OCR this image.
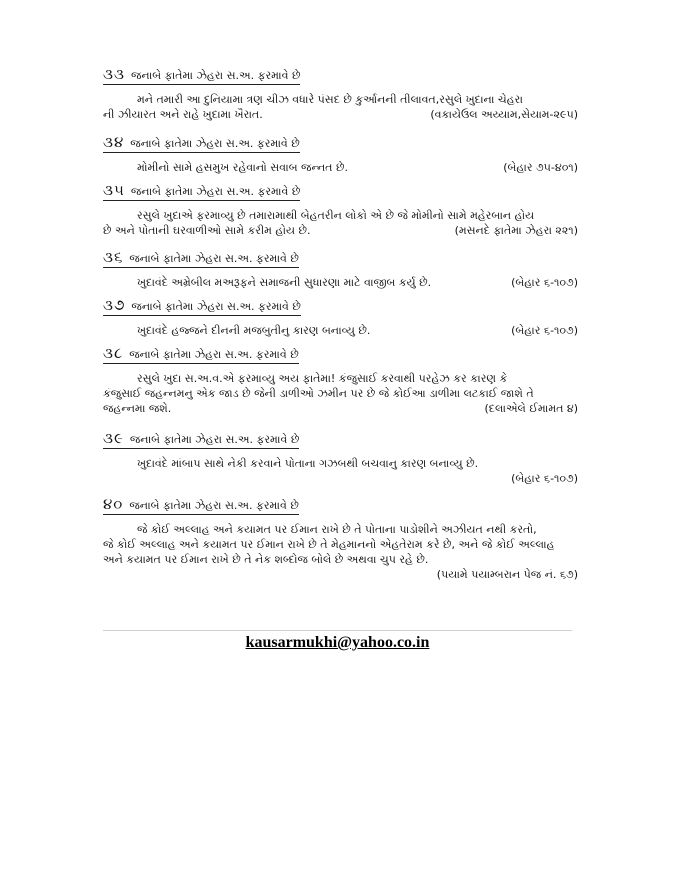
૩૩ જનાબે ફાતેમા ઝેહરા સ.અ. ફરમાવે છે
મને તમારી આ દુનિયામા ત્રણ ચીઝ વધારે પંસદ છે કુર્આનની તીલાવત,રસુલે ખુદાના ચેહરા
ની ઝીયારત અને રાહે ખુદામા ખૈરાત.	(વકાયેઉલ અય્યામ,સેયામ-૨૯૫)
૩૪ જનાબે ફાતેમા ઝેહરા સ.અ. ફરમાવે છે
મોમીનો સામે હસમુખ રહેવાનો સવાબ જન્નત છે.	(બેહાર ૭૫-૪૦૧)
૩૫ જનાબે ફાતેમા ઝેહરા સ.અ. ફરમાવે છે
રસુલે ખુદાએ ફરમાવ્યુ છે તમારામાથી બેહતરીન લોકો એ છે જે મોમીનો સામે મહેરબાન હોય
છે અને પોતાની ઘરવાળીઓ સામે કરીમ હોય છે.	(મસનદે ફાતેમા ઝેહરા ૨૨૧)
૩૬ જનાબે ફાતેમા ઝેહરા સ.અ. ફરમાવે છે
ખુદાવંદે અમ્રેબીલ મઅરૂફને સમાજની સુધારણા માટે વાજીબ કર્યુ છે.	(બેહાર ૬-૧૦૭)
૩૭ જનાબે ફાતેમા ઝેહરા સ.અ. ફરમાવે છે
ખુદાવંદે હજ્જને દીનની મજબુતીનુ કારણ બનાવ્યુ છે.	(બેહાર ૬-૧૦૭)
૩૮ જનાબે ફાતેમા ઝેહરા સ.અ. ફરમાવે છે
રસુલે ખુદા સ.અ.વ.એ ફરમાવ્યુ અય ફાતેમા! કંજુસાઈ કરવાથી પરહેઝ કર કારણ કે
કંજુસાઈ જહન્નમનુ એક જાડ છે જેની ડાળીઓ ઝમીન પર છે જે કોઈઆ ડાળીમા લટકાઈ જાશે તે
જહન્નમા જશે.	(દલાએલે ઈમામત ૪)
૩૯ જનાબે ફાતેમા ઝેહરા સ.અ. ફરમાવે છે
ખુદાવંદે માંબાપ સાથે નેકી કરવાને પોતાના ગઝબથી બચવાનુ કારણ બનાવ્યુ છે.
(બેહાર ૬-૧૦૭)
૪૦ જનાબે ફાતેમા ઝેહરા સ.અ. ફરમાવે છે
જે કોઈ અલ્લાહ અને કયામત પર ઈમાન રાખે છે તે પોતાના પાડોશીને અઝીયત નથી કરતો,
જે કોઈ અલ્લાહ અને કયામત પર ઈમાન રાખે છે તે મેહમાનનો એહતેરામ કરે છે, અને જે કોઈ અલ્લાહ
અને કયામત પર ઈમાન રાખે છે તે નેક શબ્દોજ બોલે છે અથવા ચુપ રહે છે.
(પયામે પયામ્બરાન પેજ નં. ૬૭)
kausarmukhi@yahoo.co.in
